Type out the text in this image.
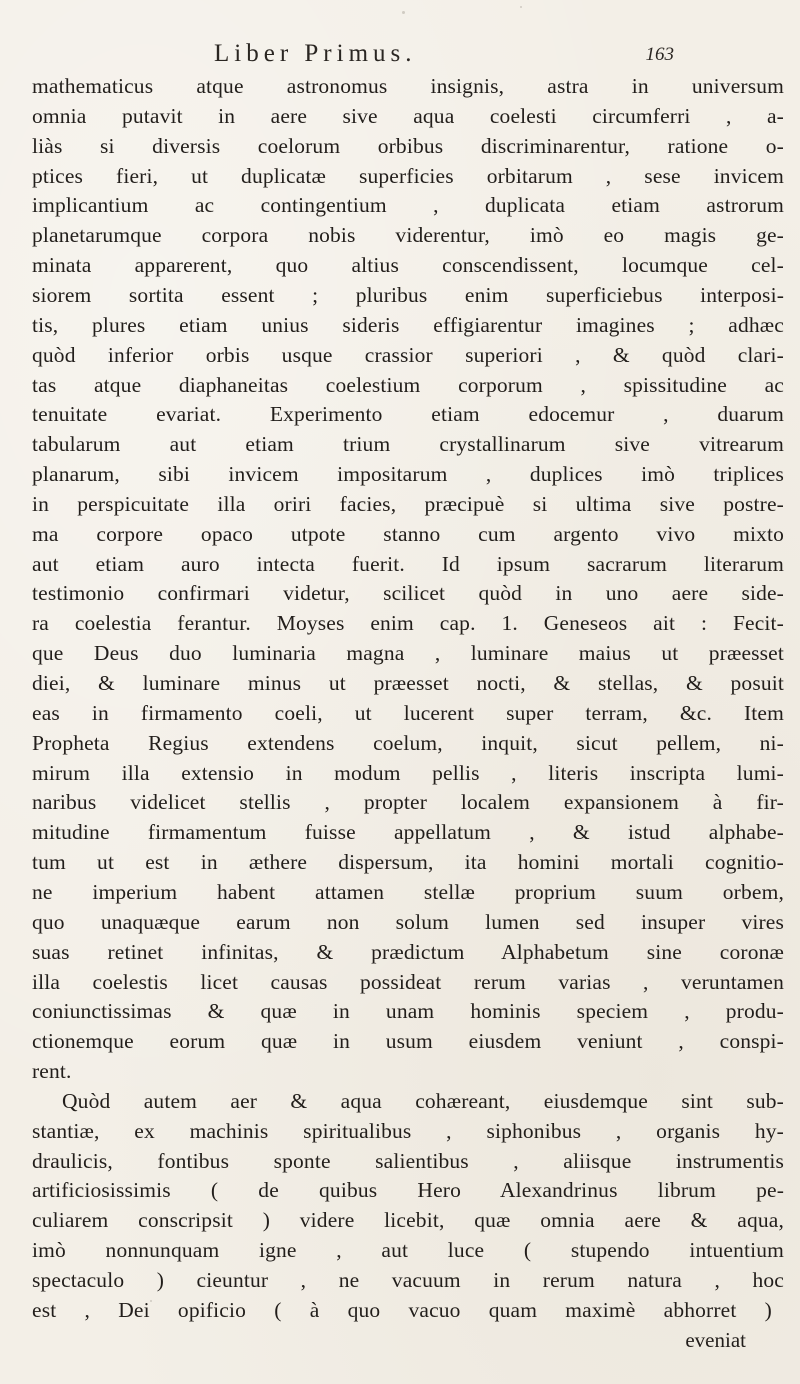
Liber Primus.	163
mathematicus atque astronomus insignis, astra in universum
omnia putavit in aere sive aqua coelesti circumferri , a-
liàs si diversis coelorum orbibus discriminarentur, ratione o-
ptices fieri, ut duplicatæ superficies orbitarum , sese invicem
implicantium ac contingentium , duplicata etiam astrorum
planetarumque corpora nobis viderentur, imò eo magis ge-
minata apparerent, quo altius conscendissent, locumque cel-
siorem sortita essent ; pluribus enim superficiebus interposi-
tis, plures etiam unius sideris effigiarentur imagines ; adhæc
quòd inferior orbis usque crassior superiori , & quòd clari-
tas atque diaphaneitas coelestium corporum , spissitudine ac
tenuitate evariat. Experimento etiam edocemur , duarum
tabularum aut etiam trium crystallinarum sive vitrearum
planarum, sibi invicem impositarum , duplices imò triplices
in perspicuitate illa oriri facies, præcipuè si ultima sive postre-
ma corpore opaco utpote stanno cum argento vivo mixto
aut etiam auro intecta fuerit. Id ipsum sacrarum literarum
testimonio confirmari videtur, scilicet quòd in uno aere side-
ra coelestia ferantur. Moyses enim cap. 1. Geneseos ait : Fecit-
que Deus duo luminaria magna , luminare maius ut præesset
diei, & luminare minus ut præesset nocti, & stellas, & posuit
eas in firmamento coeli, ut lucerent super terram, &c. Item
Propheta Regius extendens coelum, inquit, sicut pellem, ni-
mirum illa extensio in modum pellis , literis inscripta lumi-
naribus videlicet stellis , propter localem expansionem à fir-
mitudine firmamentum fuisse appellatum , & istud alphabe-
tum ut est in æthere dispersum, ita homini mortali cognitio-
ne imperium habent attamen stellæ proprium suum orbem,
quo unaquæque earum non solum lumen sed insuper vires
suas retinet infinitas, & prædictum Alphabetum sine coronæ
illa coelestis licet causas possideat rerum varias , veruntamen
coniunctissimas & quæ in unam hominis speciem , produ-
ctionemque eorum quæ in usum eiusdem veniunt , conspi-
rent.
Quòd autem aer & aqua cohæreant, eiusdemque sint sub-
stantiæ, ex machinis spiritualibus , siphonibus , organis hy-
draulicis, fontibus sponte salientibus , aliisque instrumentis
artificiosissimis ( de quibus Hero Alexandrinus librum pe-
culiarem conscripsit ) videre licebit, quæ omnia aere & aqua,
imò nonnunquam igne , aut luce ( stupendo intuentium
spectaculo ) cieuntur , ne vacuum in rerum natura , hoc
est , Dei opificio ( à quo vacuo quam maximè abhorret )
eveniat
